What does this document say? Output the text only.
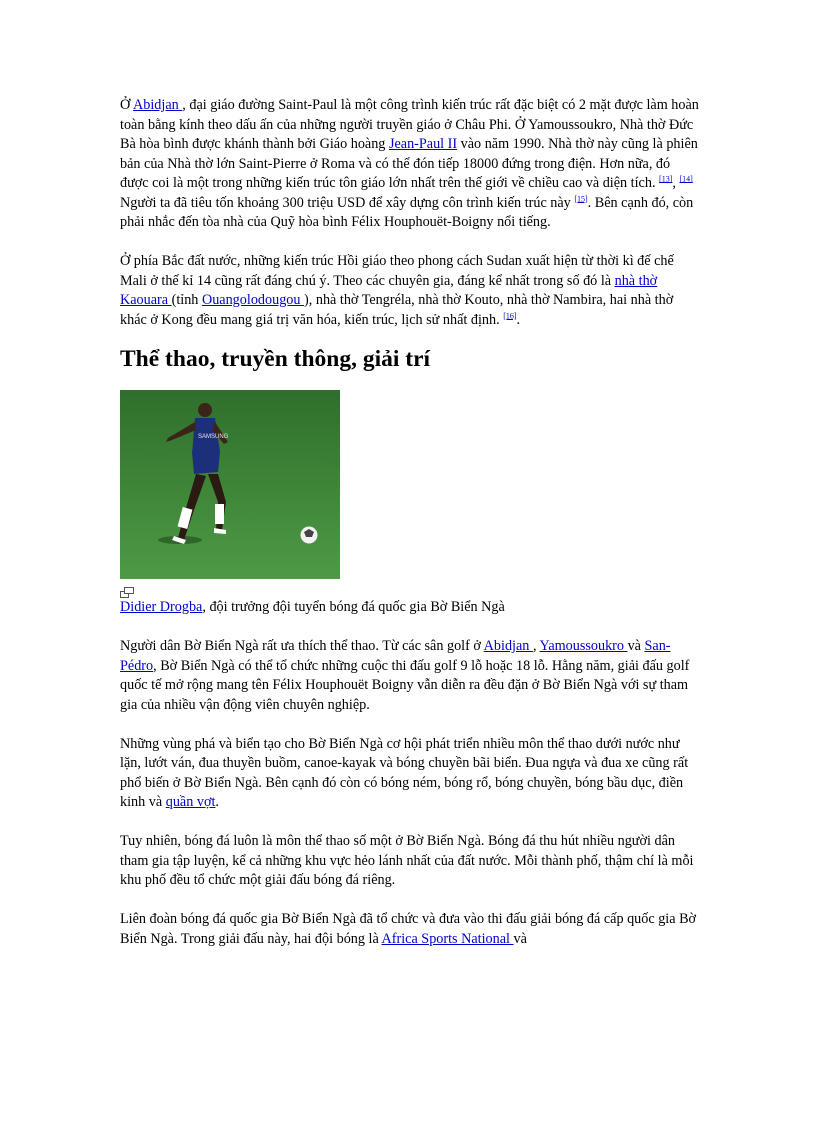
Ở Abidjan , đại giáo đường Saint-Paul là một công trình kiến trúc rất đặc biệt có 2 mặt được làm hoàn toàn bằng kính theo dấu ấn của những người truyền giáo ở Châu Phi. Ở Yamoussoukro, Nhà thờ Đức Bà hòa bình được khánh thành bởi Giáo hoàng Jean-Paul II vào năm 1990. Nhà thờ này cũng là phiên bản của Nhà thờ lớn Saint-Pierre ở Roma và có thể đón tiếp 18000 đứng trong điện. Hơn nữa, đó được coi là một trong những kiến trúc tôn giáo lớn nhất trên thế giới về chiều cao và diện tích. [13], [14] Người ta đã tiêu tốn khoảng 300 triệu USD để xây dựng côn trình kiến trúc này [15]. Bên cạnh đó, còn phải nhắc đến tòa nhà của Quỹ hòa bình Félix Houphouët-Boigny nổi tiếng.

Ở phía Bắc đất nước, những kiến trúc Hồi giáo theo phong cách Sudan xuất hiện từ thời kì đế chế Mali ở thế kỉ 14 cũng rất đáng chú ý. Theo các chuyên gia, đáng kể nhất trong số đó là nhà thờ Kaouara (tỉnh Ouangolodougou ), nhà thờ Tengréla, nhà thờ Kouto, nhà thờ Nambira, hai nhà thờ khác ở Kong đều mang giá trị văn hóa, kiến trúc, lịch sử nhất định. [16].

Thể thao, truyền thông, giải trí
SAMSUNG

Didier Drogba, đội trưởng đội tuyển bóng đá quốc gia Bờ Biển Ngà

Người dân Bờ Biển Ngà rất ưa thích thể thao. Từ các sân golf ở Abidjan , Yamoussoukro và San-Pédro, Bờ Biển Ngà có thể tổ chức những cuộc thi đấu golf 9 lỗ hoặc 18 lỗ. Hằng năm, giải đấu golf quốc tế mở rộng mang tên Félix Houphouët Boigny vẫn diễn ra đều đặn ở Bờ Biển Ngà với sự tham gia của nhiều vận động viên chuyên nghiệp.

Những vùng phá và biển tạo cho Bờ Biển Ngà cơ hội phát triển nhiều môn thể thao dưới nước như lặn, lướt ván, đua thuyền buồm, canoe-kayak và bóng chuyền bãi biển. Đua ngựa và đua xe cũng rất phổ biến ở Bờ Biển Ngà. Bên cạnh đó còn có bóng ném, bóng rổ, bóng chuyền, bóng bầu dục, điền kinh và quần vợt.

Tuy nhiên, bóng đá luôn là môn thể thao số một ở Bờ Biển Ngà. Bóng đá thu hút nhiều người dân tham gia tập luyện, kể cả những khu vực hẻo lánh nhất của đất nước. Mỗi thành phố, thậm chí là mỗi khu phố đều tổ chức một giải đấu bóng đá riêng.

Liên đoàn bóng đá quốc gia Bờ Biển Ngà đã tổ chức và đưa vào thi đấu giải bóng đá cấp quốc gia Bờ Biển Ngà. Trong giải đấu này, hai đội bóng là Africa Sports National và
